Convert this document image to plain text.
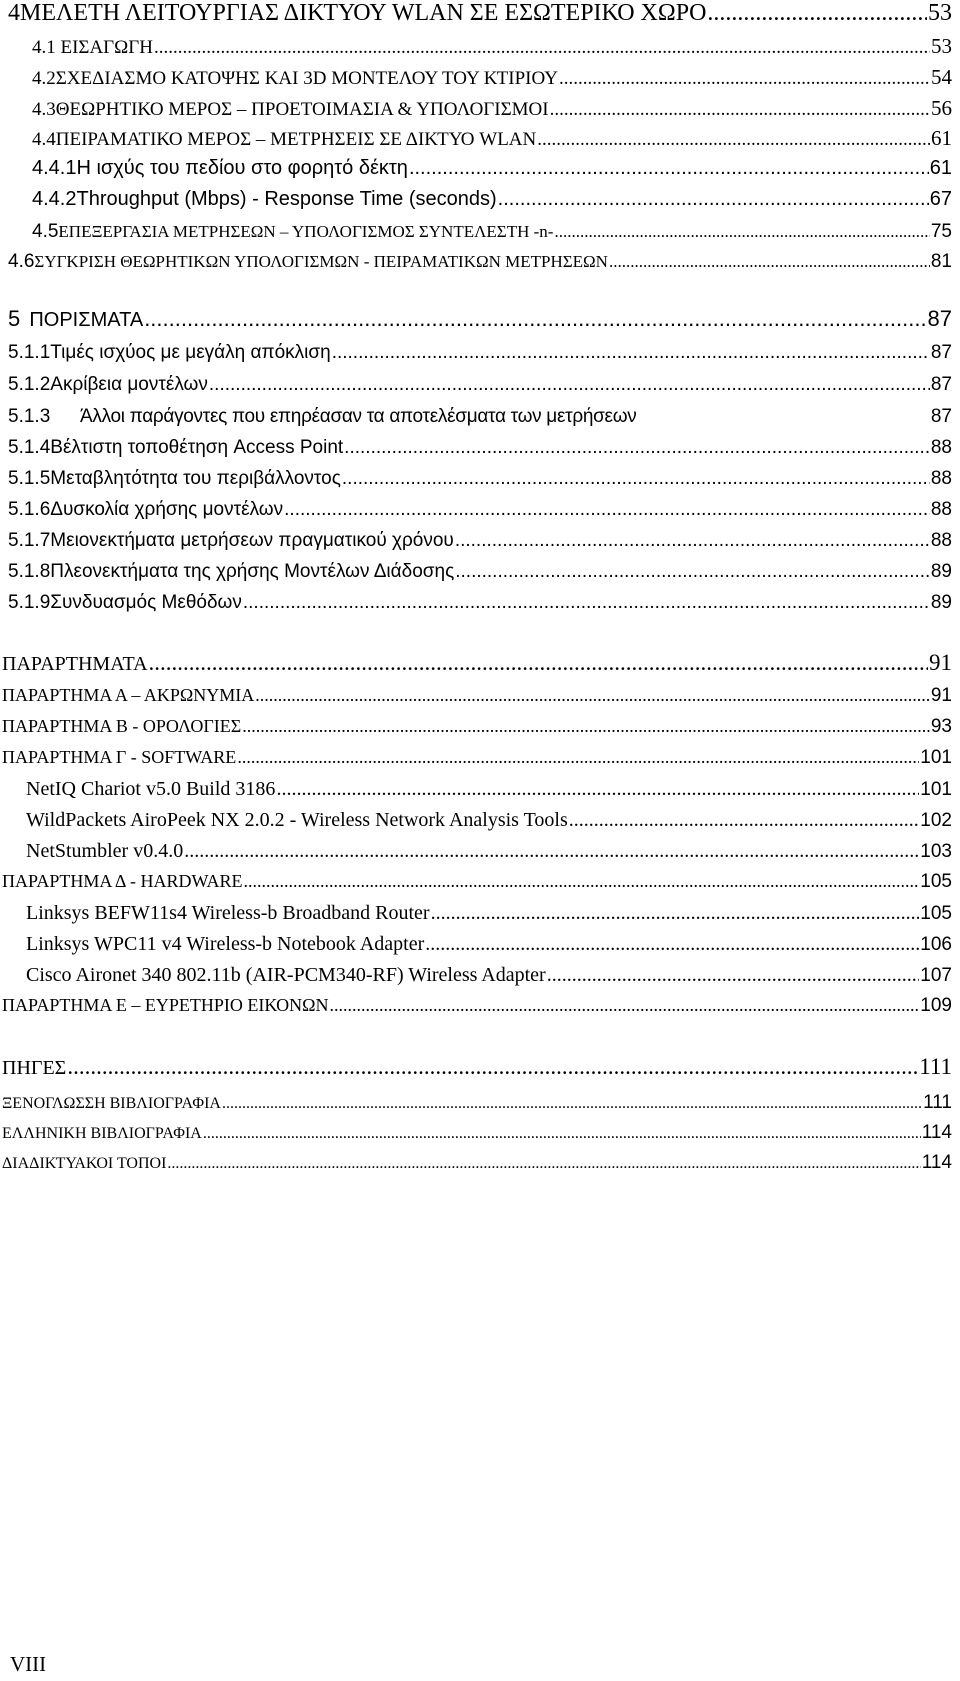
4 ΜΕΛΕΤΗ ΛΕΙΤΟΥΡΓΙΑΣ ΔΙΚΤΥΟΥ WLAN ΣΕ ΕΣΩΤΕΡΙΚΟ ΧΩΡΟ .....	53
4.1 ΕΙΣΑΓΩΓΗ .....	53
4.2 ΣΧΕΔΙΑΣΜΟ ΚΑΤΟΨΗΣ ΚΑΙ 3D ΜΟΝΤΕΛΟΥ ΤΟΥ ΚΤΙΡΙΟΥ .....	54
4.3 ΘΕΩΡΗΤΙΚΟ ΜΕΡΟΣ – ΠΡΟΕΤΟΙΜΑΣΙΑ & ΥΠΟΛΟΓΙΣΜΟΙ .....	56
4.4 ΠΕΙΡΑΜΑΤΙΚΟ ΜΕΡΟΣ – ΜΕΤΡΗΣΕΙΣ ΣΕ ΔΙΚΤΥΟ WLAN .....	61
4.4.1 Η ισχύς του πεδίου στο φορητό δέκτη .....	61
4.4.2 Throughput (Mbps) - Response Time (seconds) .....	67
4.5 ΕΠΕΞΕΡΓΑΣΙΑ ΜΕΤΡΗΣΕΩΝ – ΥΠΟΛΟΓΙΣΜΟΣ ΣΥΝΤΕΛΕΣΤΗ -n- .....	75
4.6 ΣΥΓΚΡΙΣΗ ΘΕΩΡΗΤΙΚΩΝ ΥΠΟΛΟΓΙΣΜΩΝ - ΠΕΙΡΑΜΑΤΙΚΩΝ ΜΕΤΡΗΣΕΩΝ .....	81
5 ΠΟΡΙΣΜΑΤΑ .....	87
5.1.1 Τιμές ισχύος με μεγάλη απόκλιση .....	87
5.1.2 Ακρίβεια μοντέλων .....	87
5.1.3	Άλλοι παράγοντες που επηρέασαν τα αποτελέσματα των μετρήσεων	87
5.1.4 Βέλτιστη τοποθέτηση Access Point .....	88
5.1.5 Μεταβλητότητα του περιβάλλοντος .....	88
5.1.6 Δυσκολία χρήσης μοντέλων .....	88
5.1.7 Μειονεκτήματα μετρήσεων πραγματικού χρόνου .....	88
5.1.8 Πλεονεκτήματα της χρήσης Μοντέλων Διάδοσης .....	89
5.1.9 Συνδυασμός Μεθόδων .....	89
ΠΑΡΑΡΤΗΜΑΤΑ .....	91
ΠΑΡΑΡΤΗΜΑ Α – ΑΚΡΩΝΥΜΙΑ .....	91
ΠΑΡΑΡΤΗΜΑ Β - ΟΡΟΛΟΓΙΕΣ .....	93
ΠΑΡΑΡΤΗΜΑ Γ - SOFTWARE .....	101
NetIQ Chariot v5.0 Build 3186 .....	101
WildPackets AiroPeek NX 2.0.2 - Wireless Network Analysis Tools .....	102
NetStumbler v0.4.0 .....	103
ΠΑΡΑΡΤΗΜΑ Δ - HARDWARE .....	105
Linksys BEFW11s4 Wireless-b Broadband Router .....	105
Linksys WPC11 v4 Wireless-b Notebook Adapter .....	106
Cisco Aironet 340 802.11b (AIR-PCM340-RF) Wireless Adapter .....	107
ΠΑΡΑΡΤΗΜΑ Ε – ΕΥΡΕΤΗΡΙΟ ΕΙΚΟΝΩΝ .....	109
ΠΗΓΕΣ .....	111
ΞΕΝΟΓΛΩΣΣΗ ΒΙΒΛΙΟΓΡΑΦΙΑ .....	111
ΕΛΛΗΝΙΚΗ ΒΙΒΛΙΟΓΡΑΦΙΑ .....	114
ΔΙΑΔΙΚΤΥΑΚΟΙ ΤΟΠΟΙ .....	114
VIII
